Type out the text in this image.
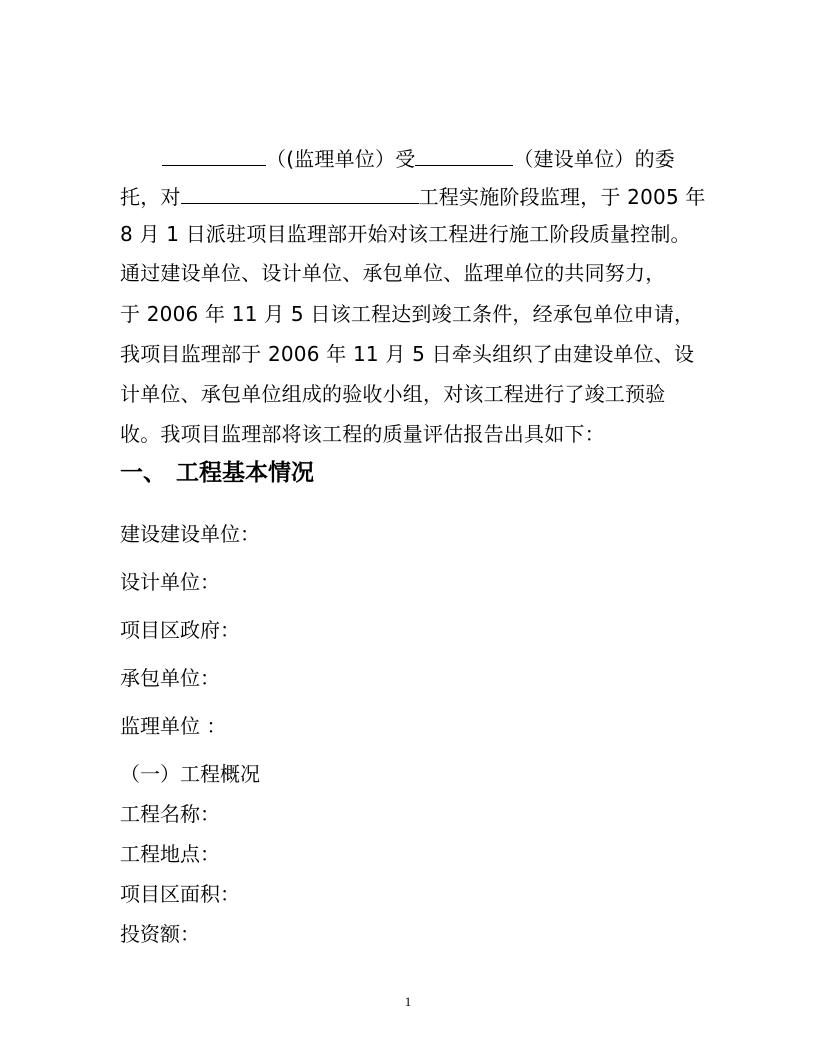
（(监理单位）受	（建设单位）的委
托，对	工程实施阶段监理，于 2005 年
8 月 1 日派驻项目监理部开始对该工程进行施工阶段质量控制。
通过建设单位、设计单位、承包单位、监理单位的共同努力，
于 2006 年 11 月 5 日该工程达到竣工条件，经承包单位申请，
我项目监理部于 2006 年 11 月 5 日牵头组织了由建设单位、设
计单位、承包单位组成的验收小组，对该工程进行了竣工预验
收。我项目监理部将该工程的质量评估报告出具如下：
一、 工程基本情况
建设建设单位：
设计单位：
项目区政府：
承包单位：
监理单位 ：
（一）工程概况
工程名称：
工程地点：
项目区面积：
投资额：
1
